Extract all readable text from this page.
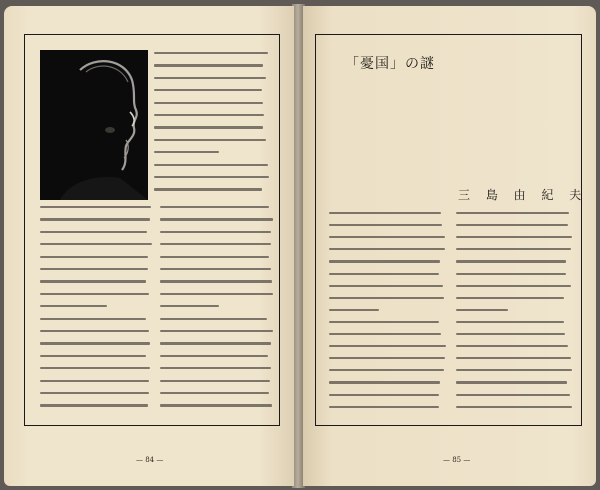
— 84 —
「憂国」の謎
三 島 由 紀 夫
— 85 —
